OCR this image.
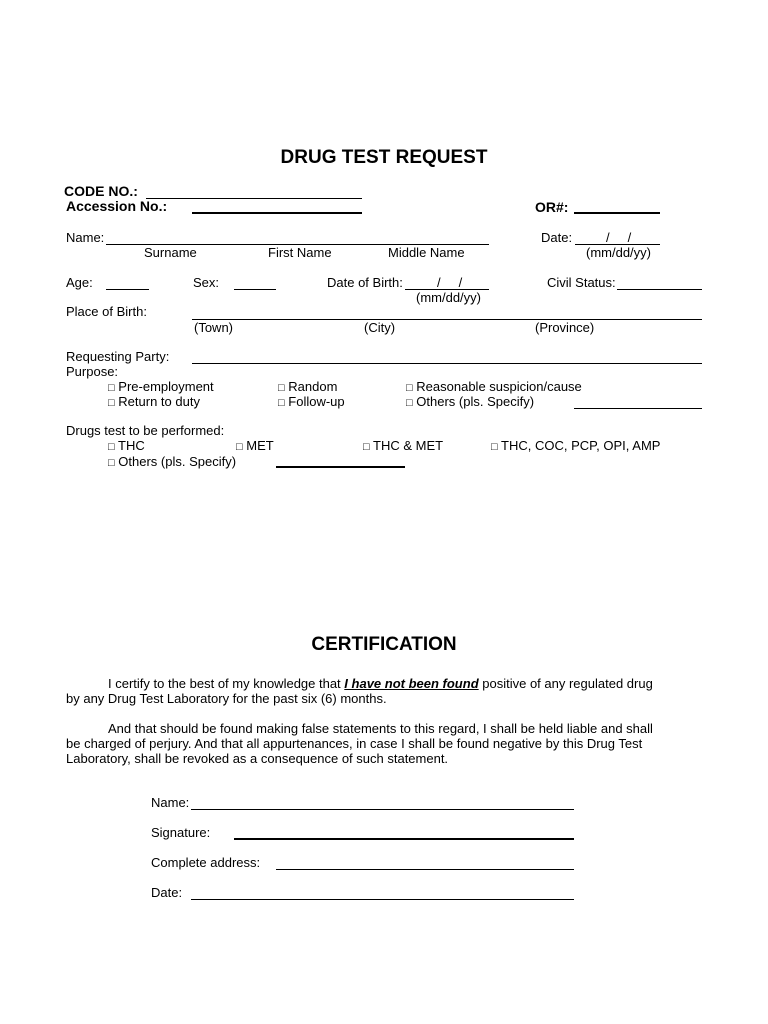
DRUG TEST REQUEST
CODE NO.:
Accession No.:	OR#:
Name:
Surname	First Name	Middle Name
Date:	/     /
(mm/dd/yy)
Age:	Sex:	Date of Birth:	/     /
(mm/dd/yy)
Civil Status:
Place of Birth:
(Town)	(City)	(Province)
Requesting Party:
Purpose:
□ Pre-employment	□ Random	□ Reasonable suspicion/cause
□ Return to duty	□ Follow-up	□ Others (pls. Specify)
Drugs test to be performed:
□ THC	□ MET	□ THC & MET	□ THC, COC, PCP, OPI, AMP
□ Others (pls. Specify)
CERTIFICATION
I certify to the best of my knowledge that I have not been found positive of any regulated drug by any Drug Test Laboratory for the past six (6) months.
And that should be found making false statements to this regard, I shall be held liable and shall be charged of perjury. And that all appurtenances, in case I shall be found negative by this Drug Test Laboratory, shall be revoked as a consequence of such statement.
Name:
Signature:
Complete address:
Date:
